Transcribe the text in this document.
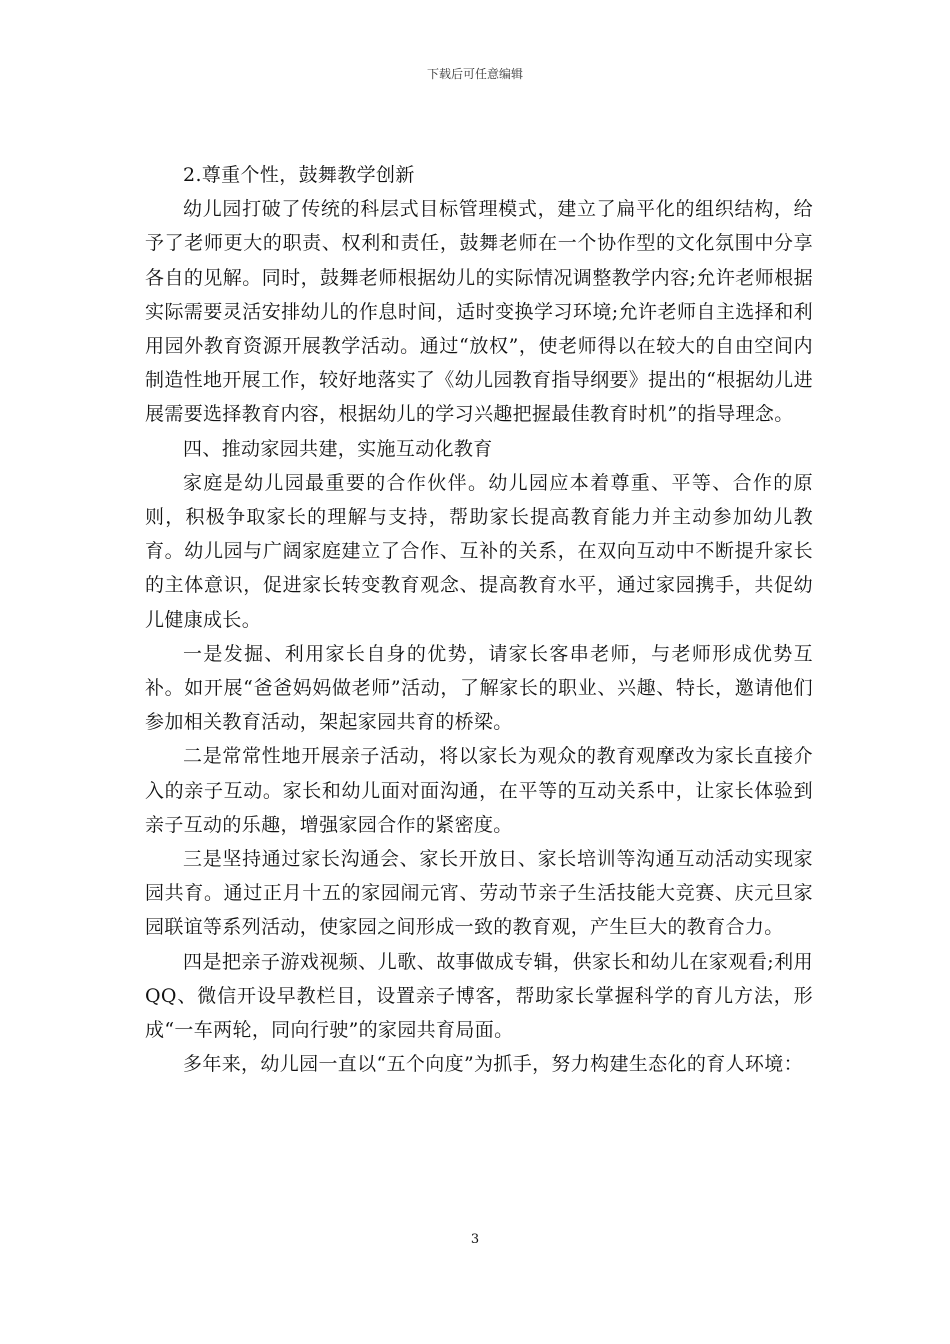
下载后可任意编辑

2.尊重个性，鼓舞教学创新

幼儿园打破了传统的科层式目标管理模式，建立了扁平化的组织结构，给予了老师更大的职责、权利和责任，鼓舞老师在一个协作型的文化氛围中分享各自的见解。同时，鼓舞老师根据幼儿的实际情况调整教学内容;允许老师根据实际需要灵活安排幼儿的作息时间，适时变换学习环境;允许老师自主选择和利用园外教育资源开展教学活动。通过“放权”，使老师得以在较大的自由空间内制造性地开展工作，较好地落实了《幼儿园教育指导纲要》提出的“根据幼儿进展需要选择教育内容，根据幼儿的学习兴趣把握最佳教育时机”的指导理念。

四、推动家园共建，实施互动化教育

家庭是幼儿园最重要的合作伙伴。幼儿园应本着尊重、平等、合作的原则，积极争取家长的理解与支持，帮助家长提高教育能力并主动参加幼儿教育。幼儿园与广阔家庭建立了合作、互补的关系，在双向互动中不断提升家长的主体意识，促进家长转变教育观念、提高教育水平，通过家园携手，共促幼儿健康成长。

一是发掘、利用家长自身的优势，请家长客串老师，与老师形成优势互补。如开展“爸爸妈妈做老师”活动，了解家长的职业、兴趣、特长，邀请他们参加相关教育活动，架起家园共育的桥梁。

二是常常性地开展亲子活动，将以家长为观众的教育观摩改为家长直接介入的亲子互动。家长和幼儿面对面沟通，在平等的互动关系中，让家长体验到亲子互动的乐趣，增强家园合作的紧密度。

三是坚持通过家长沟通会、家长开放日、家长培训等沟通互动活动实现家园共育。通过正月十五的家园闹元宵、劳动节亲子生活技能大竞赛、庆元旦家园联谊等系列活动，使家园之间形成一致的教育观，产生巨大的教育合力。

四是把亲子游戏视频、儿歌、故事做成专辑，供家长和幼儿在家观看;利用QQ、微信开设早教栏目，设置亲子博客，帮助家长掌握科学的育儿方法，形成“一车两轮，同向行驶”的家园共育局面。

多年来，幼儿园一直以“五个向度”为抓手，努力构建生态化的育人环境：

3
